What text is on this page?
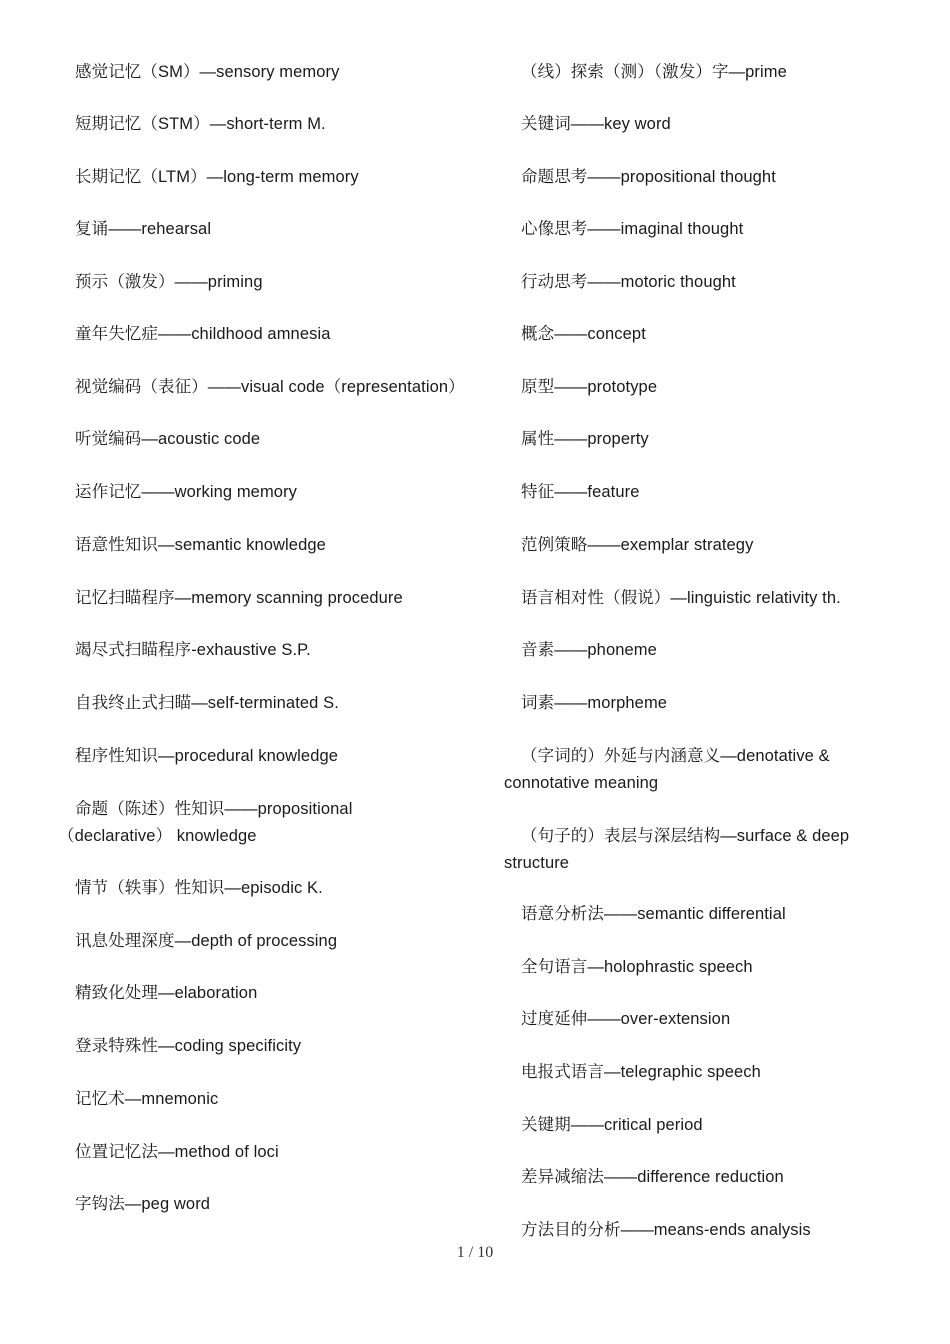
感觉记忆（SM）—sensory memory
短期记忆（STM）—short-term M.
长期记忆（LTM）—long-term memory
复诵——rehearsal
预示（激发）——priming
童年失忆症——childhood amnesia
视觉编码（表征）——visual code（representation）
听觉编码—acoustic code
运作记忆——working memory
语意性知识—semantic knowledge
记忆扫瞄程序—memory scanning procedure
竭尽式扫瞄程序-exhaustive S.P.
自我终止式扫瞄—self-terminated S.
程序性知识—procedural knowledge
命题（陈述）性知识——propositional（declarative） knowledge
情节（轶事）性知识—episodic K.
讯息处理深度—depth of processing
精致化处理—elaboration
登录特殊性—coding specificity
记忆术—mnemonic
位置记忆法—method of loci
字钩法—peg word
（线）探索（测）（激发）字—prime
关键词——key word
命题思考——propositional thought
心像思考——imaginal thought
行动思考——motoric thought
概念——concept
原型——prototype
属性——property
特征——feature
范例策略——exemplar strategy
语言相对性（假说）—linguistic relativity th.
音素——phoneme
词素——morpheme
（字词的）外延与内涵意义—denotative & connotative meaning
（句子的）表层与深层结构—surface & deep structure
语意分析法——semantic differential
全句语言—holophrastic speech
过度延伸——over-extension
电报式语言—telegraphic speech
关键期——critical period
差异减缩法——difference reduction
方法目的分析——means-ends analysis
1 / 10
